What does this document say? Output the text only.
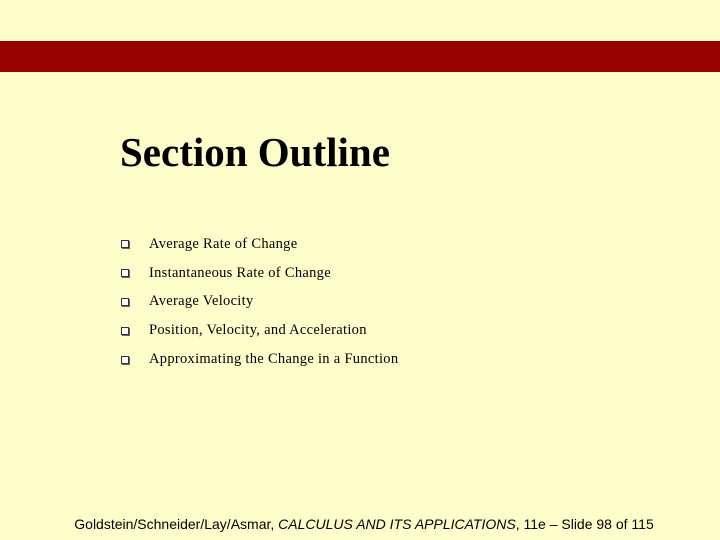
Section Outline
Average Rate of Change
Instantaneous Rate of Change
Average Velocity
Position, Velocity, and Acceleration
Approximating the Change in a Function
Goldstein/Schneider/Lay/Asmar, CALCULUS AND ITS APPLICATIONS, 11e – Slide 98 of 115
